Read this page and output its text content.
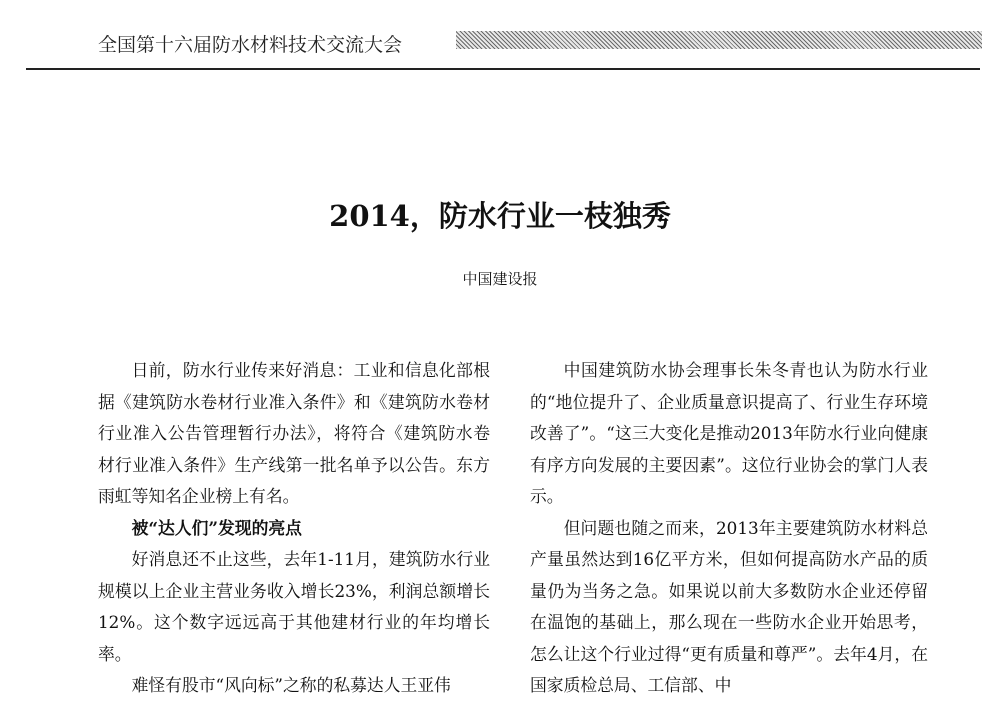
全国第十六届防水材料技术交流大会
2014，防水行业一枝独秀
中国建设报

日前，防水行业传来好消息：工业和信息化部根据《建筑防水卷材行业准入条件》和《建筑防水卷材行业准入公告管理暂行办法》，将符合《建筑防水卷材行业准入条件》生产线第一批名单予以公告。东方雨虹等知名企业榜上有名。

被“达人们”发现的亮点

好消息还不止这些，去年1-11月，建筑防水行业规模以上企业主营业务收入增长23%，利润总额增长12%。这个数字远远高于其他建材行业的年均增长率。

难怪有股市“风向标”之称的私募达人王亚伟

中国建筑防水协会理事长朱冬青也认为防水行业的“地位提升了、企业质量意识提高了、行业生存环境改善了”。“这三大变化是推动2013年防水行业向健康有序方向发展的主要因素”。这位行业协会的掌门人表示。

但问题也随之而来，2013年主要建筑防水材料总产量虽然达到16亿平方米，但如何提高防水产品的质量仍为当务之急。如果说以前大多数防水企业还停留在温饱的基础上，那么现在一些防水企业开始思考，怎么让这个行业过得“更有质量和尊严”。去年4月，在国家质检总局、工信部、中
